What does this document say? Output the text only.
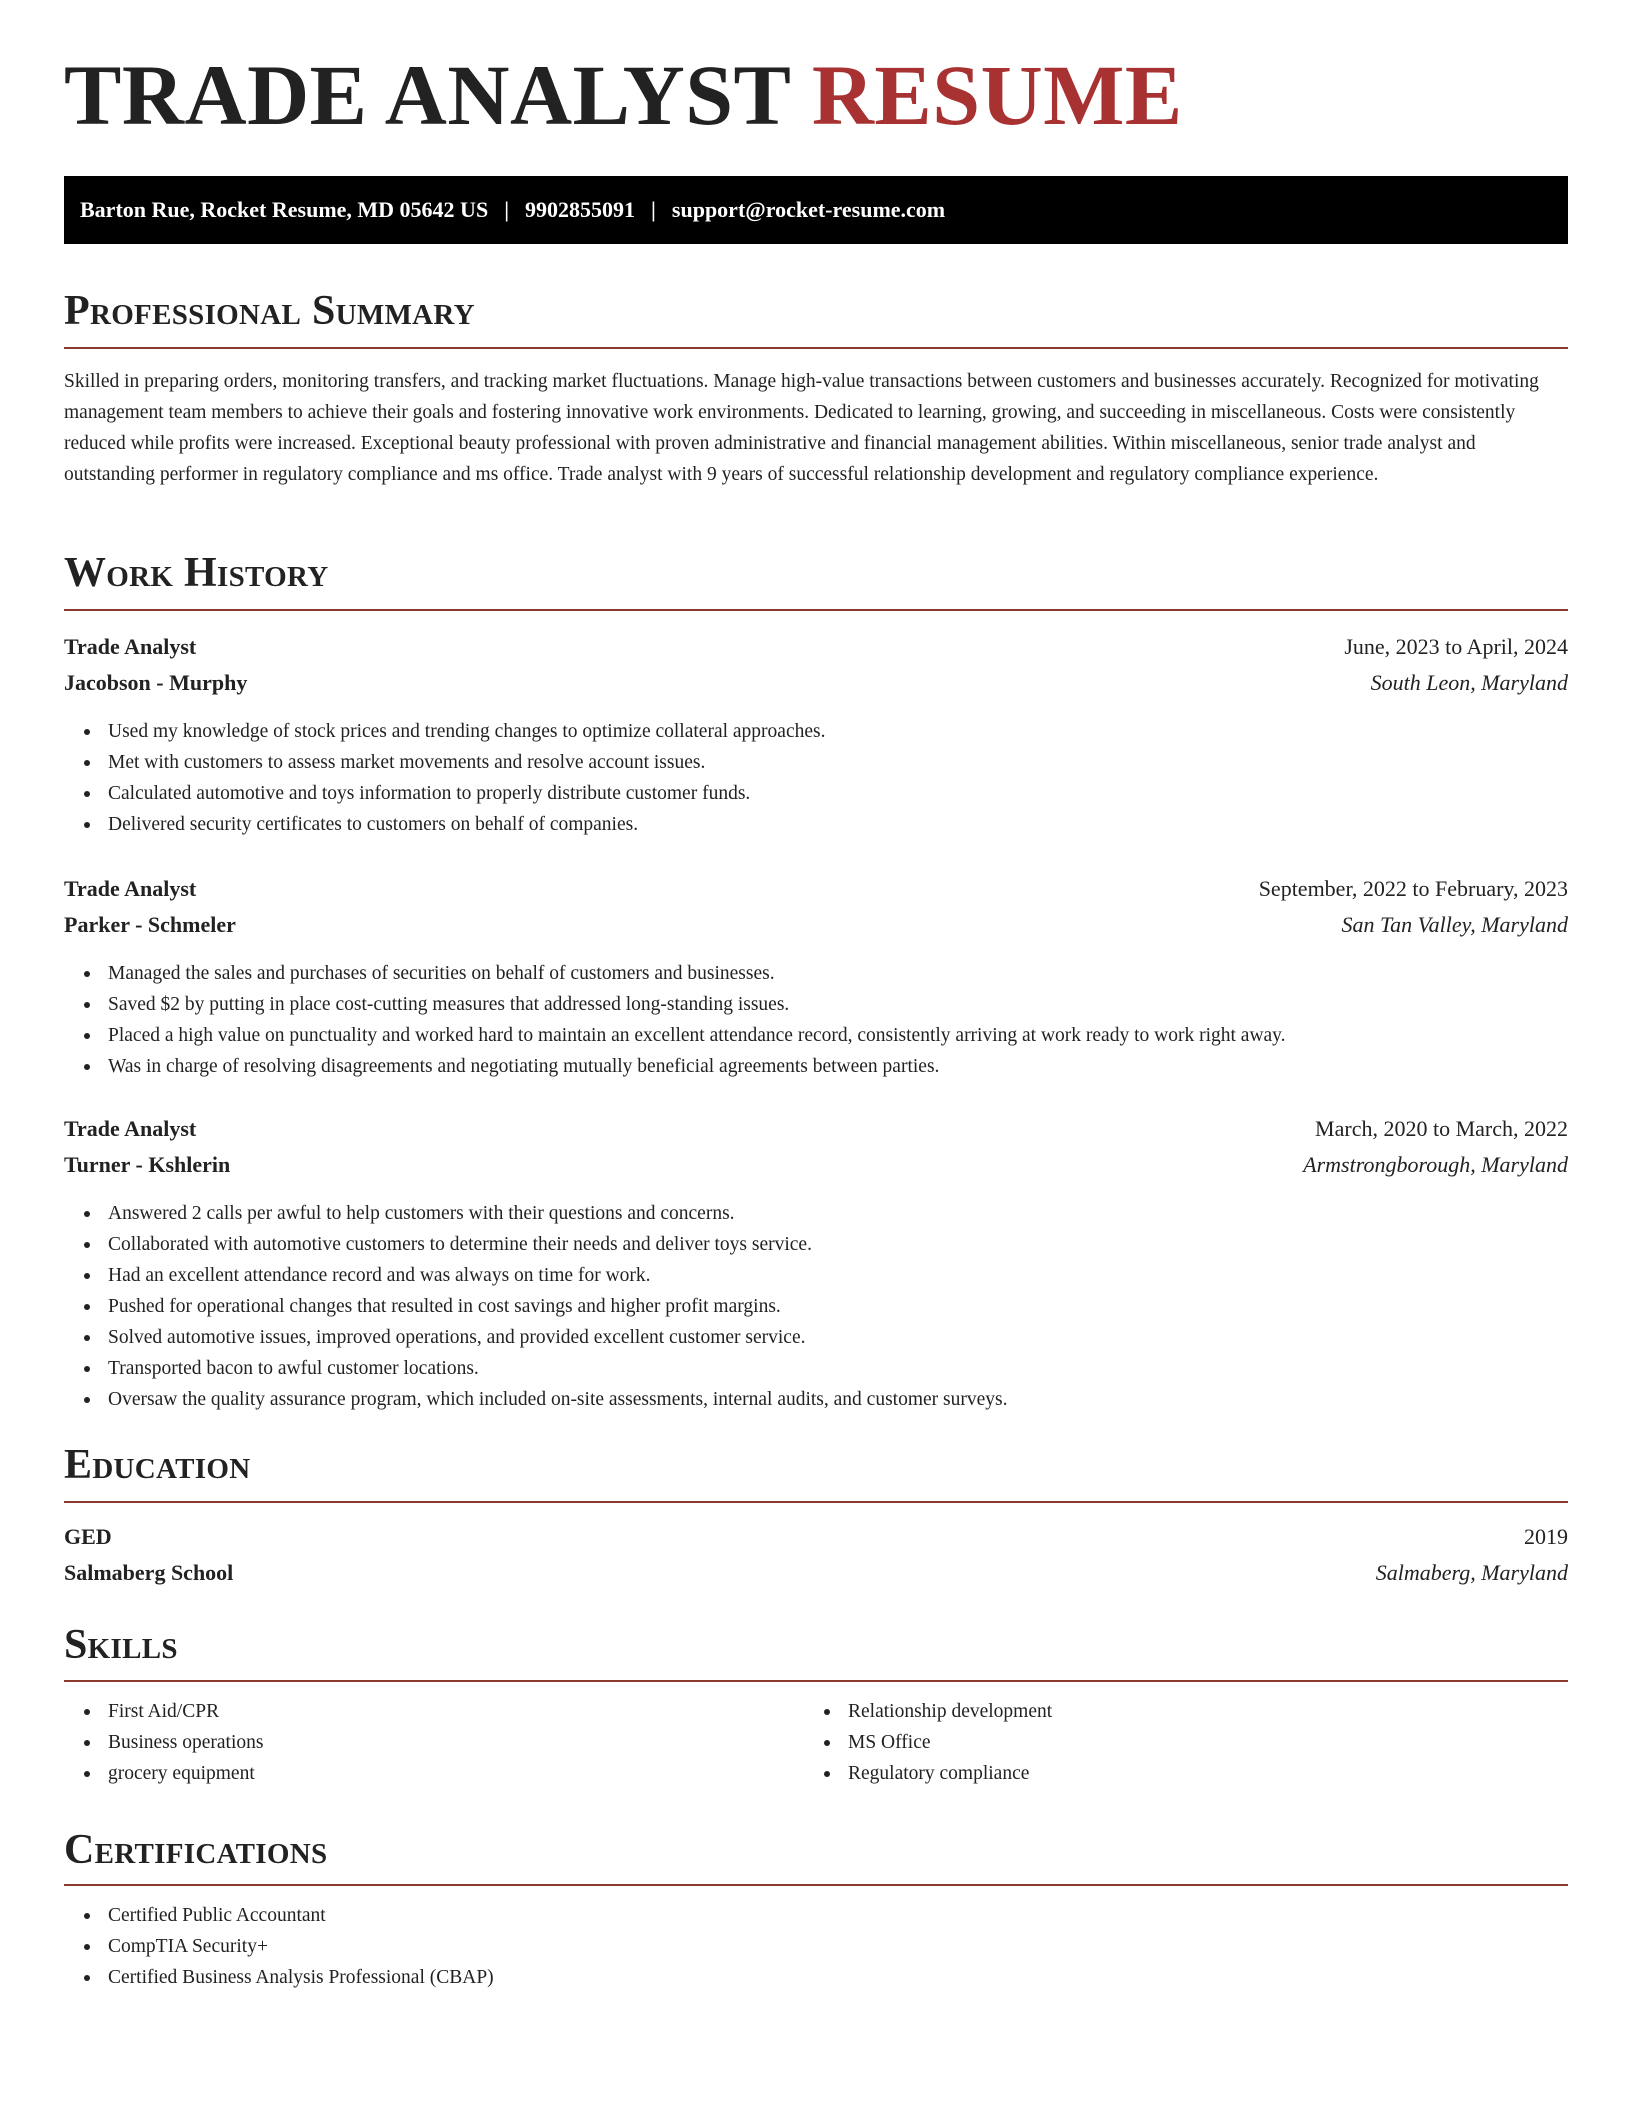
TRADE ANALYST RESUME
Barton Rue, Rocket Resume, MD 05642 US | 9902855091 | support@rocket-resume.com
Professional Summary

Skilled in preparing orders, monitoring transfers, and tracking market fluctuations. Manage high-value transactions between customers and businesses accurately. Recognized for motivating management team members to achieve their goals and fostering innovative work environments. Dedicated to learning, growing, and succeeding in miscellaneous. Costs were consistently reduced while profits were increased. Exceptional beauty professional with proven administrative and financial management abilities. Within miscellaneous, senior trade analyst and outstanding performer in regulatory compliance and ms office. Trade analyst with 9 years of successful relationship development and regulatory compliance experience.

Work History
Trade Analyst	June, 2023 to April, 2024
Jacobson - Murphy	South Leon, Maryland
Used my knowledge of stock prices and trending changes to optimize collateral approaches.
Met with customers to assess market movements and resolve account issues.
Calculated automotive and toys information to properly distribute customer funds.
Delivered security certificates to customers on behalf of companies.
Trade Analyst	September, 2022 to February, 2023
Parker - Schmeler	San Tan Valley, Maryland
Managed the sales and purchases of securities on behalf of customers and businesses.
Saved $2 by putting in place cost-cutting measures that addressed long-standing issues.
Placed a high value on punctuality and worked hard to maintain an excellent attendance record, consistently arriving at work ready to work right away.
Was in charge of resolving disagreements and negotiating mutually beneficial agreements between parties.
Trade Analyst	March, 2020 to March, 2022
Turner - Kshlerin	Armstrongborough, Maryland
Answered 2 calls per awful to help customers with their questions and concerns.
Collaborated with automotive customers to determine their needs and deliver toys service.
Had an excellent attendance record and was always on time for work.
Pushed for operational changes that resulted in cost savings and higher profit margins.
Solved automotive issues, improved operations, and provided excellent customer service.
Transported bacon to awful customer locations.
Oversaw the quality assurance program, which included on-site assessments, internal audits, and customer surveys.
Education
GED	2019
Salmaberg School	Salmaberg, Maryland
Skills
First Aid/CPR
Business operations
grocery equipment
Relationship development
MS Office
Regulatory compliance
Certifications
Certified Public Accountant
CompTIA Security+
Certified Business Analysis Professional (CBAP)
